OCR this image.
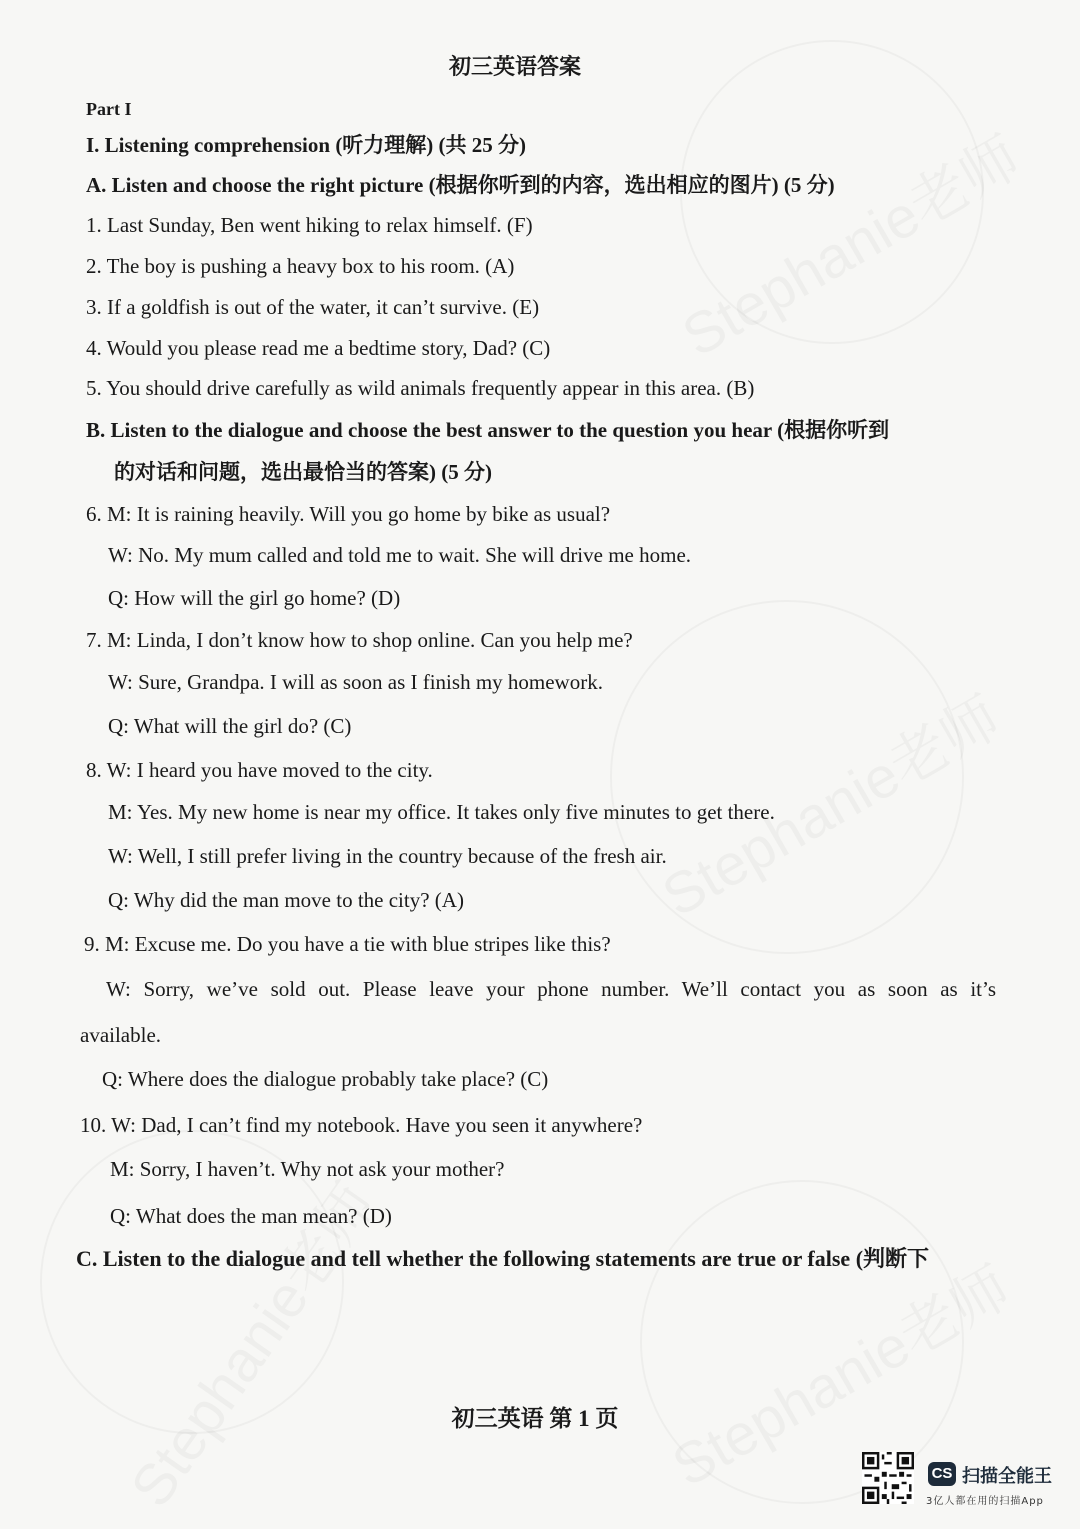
初三英语答案
Part I
I. Listening comprehension (听力理解) (共 25 分)
A. Listen and choose the right picture (根据你听到的内容，选出相应的图片) (5 分)
1. Last Sunday, Ben went hiking to relax himself. (F)
2. The boy is pushing a heavy box to his room. (A)
3. If a goldfish is out of the water, it can’t survive. (E)
4. Would you please read me a bedtime story, Dad? (C)
5. You should drive carefully as wild animals frequently appear in this area. (B)
B. Listen to the dialogue and choose the best answer to the question you hear (根据你听到
的对话和问题，选出最恰当的答案) (5 分)
6. M: It is raining heavily. Will you go home by bike as usual?
W: No. My mum called and told me to wait. She will drive me home.
Q: How will the girl go home? (D)
7. M: Linda, I don’t know how to shop online. Can you help me?
W: Sure, Grandpa. I will as soon as I finish my homework.
Q: What will the girl do? (C)
8. W: I heard you have moved to the city.
M: Yes. My new home is near my office. It takes only five minutes to get there.
W: Well, I still prefer living in the country because of the fresh air.
Q: Why did the man move to the city? (A)
9. M: Excuse me. Do you have a tie with blue stripes like this?
W: Sorry, we’ve sold out. Please leave your phone number. We’ll contact you as soon as it’s
available.
Q: Where does the dialogue probably take place? (C)
10. W: Dad, I can’t find my notebook. Have you seen it anywhere?
M: Sorry, I haven’t. Why not ask your mother?
Q: What does the man mean? (D)
C. Listen to the dialogue and tell whether the following statements are true or false (判断下
初三英语 第 1 页
CS 扫描全能王
3亿人都在用的扫描App
